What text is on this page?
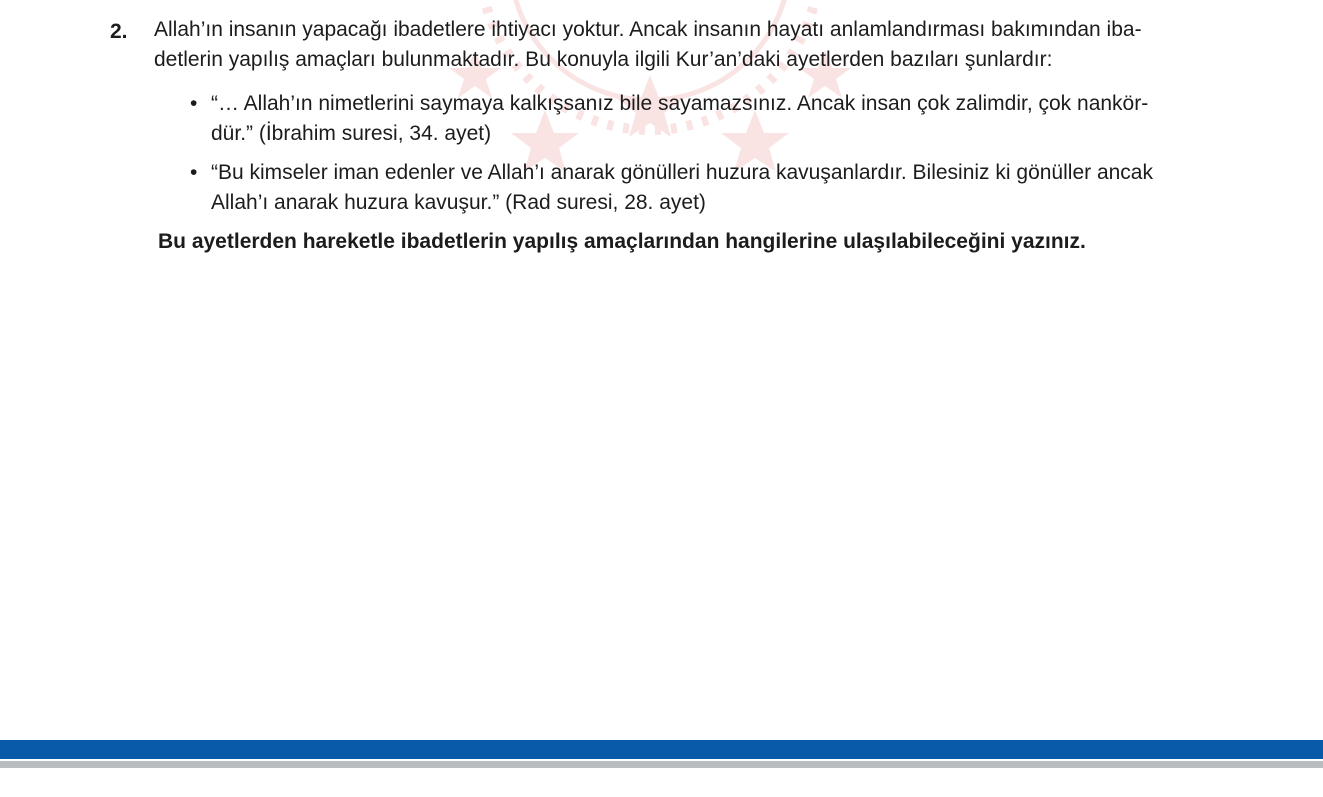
2. Allah’ın insanın yapacağı ibadetlere ihtiyacı yoktur. Ancak insanın hayatı anlamlandırması bakımından iba-
detlerin yapılış amaçları bulunmaktadır. Bu konuyla ilgili Kur’an’daki ayetlerden bazıları şunlardır:

• “… Allah’ın nimetlerini saymaya kalkışsanız bile sayamazsınız. Ancak insan çok zalimdir, çok nankör-
dür.” (İbrahim suresi, 34. ayet)
• “Bu kimseler iman edenler ve Allah’ı anarak gönülleri huzura kavuşanlardır. Bilesiniz ki gönüller ancak
Allah’ı anarak huzura kavuşur.” (Rad suresi, 28. ayet)
Bu ayetlerden hareketle ibadetlerin yapılış amaçlarından hangilerine ulaşılabileceğini yazınız.
